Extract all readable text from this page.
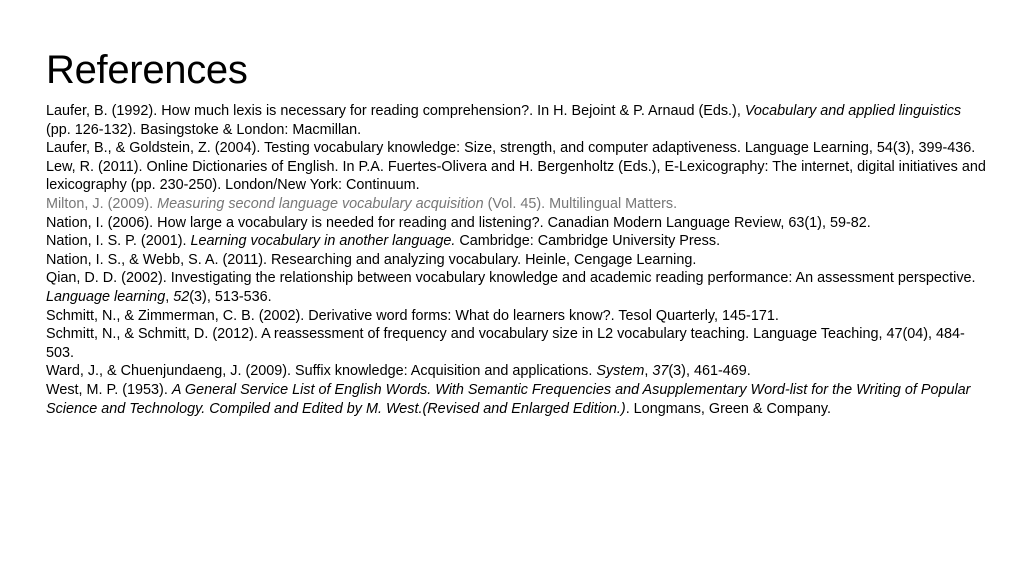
References

Laufer, B. (1992). How much lexis is necessary for reading comprehension?. In H. Bejoint & P. Arnaud (Eds.), Vocabulary and applied linguistics (pp. 126-132). Basingstoke & London: Macmillan.

Laufer, B., & Goldstein, Z. (2004). Testing vocabulary knowledge: Size, strength, and computer adaptiveness. Language Learning, 54(3), 399-436.

Lew, R. (2011). Online Dictionaries of English. In P.A. Fuertes-Olivera and H. Bergenholtz (Eds.), E-Lexicography: The internet, digital initiatives and lexicography (pp. 230-250). London/New York: Continuum.

Milton, J. (2009). Measuring second language vocabulary acquisition (Vol. 45). Multilingual Matters.

Nation, I. (2006). How large a vocabulary is needed for reading and listening?. Canadian Modern Language Review, 63(1), 59-82.

Nation, I. S. P. (2001). Learning vocabulary in another language. Cambridge: Cambridge University Press.

Nation, I. S., & Webb, S. A. (2011). Researching and analyzing vocabulary. Heinle, Cengage Learning.

Qian, D. D. (2002). Investigating the relationship between vocabulary knowledge and academic reading performance: An assessment perspective. Language learning, 52(3), 513-536.

Schmitt, N., & Zimmerman, C. B. (2002). Derivative word forms: What do learners know?. Tesol Quarterly, 145-171.

Schmitt, N., & Schmitt, D. (2012). A reassessment of frequency and vocabulary size in L2 vocabulary teaching. Language Teaching, 47(04), 484-503.

Ward, J., & Chuenjundaeng, J. (2009). Suffix knowledge: Acquisition and applications. System, 37(3), 461-469.

West, M. P. (1953). A General Service List of English Words. With Semantic Frequencies and Asupplementary Word-list for the Writing of Popular Science and Technology. Compiled and Edited by M. West.(Revised and Enlarged Edition.). Longmans, Green & Company.
